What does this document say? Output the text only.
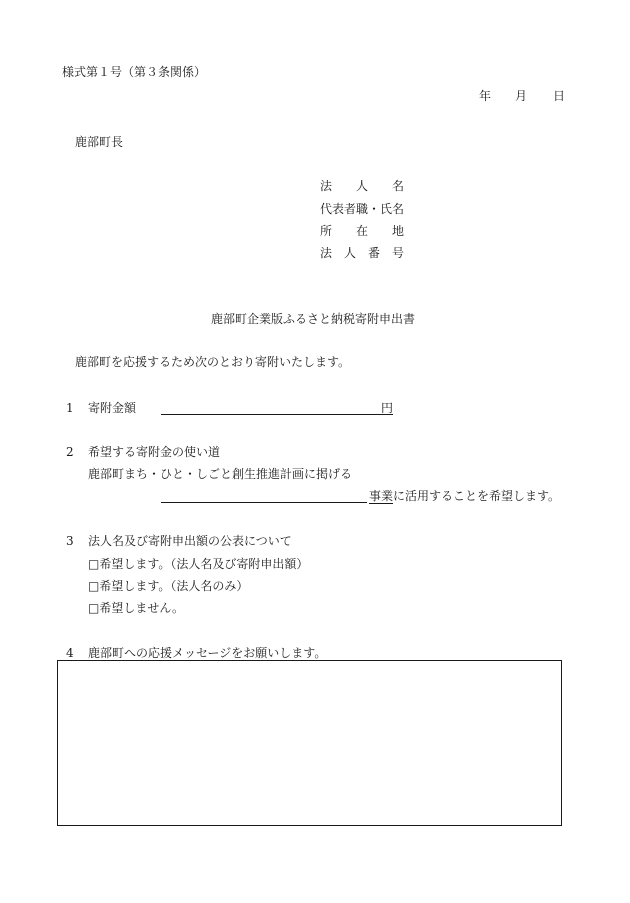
様式第１号（第３条関係）
年 月 日
鹿部町長
法 人 名
代表者職・氏名
所 在 地
法 人 番 号
鹿部町企業版ふるさと納税寄附申出書
鹿部町を応援するため次のとおり寄附いたします。
1 寄附金額	円
2 希望する寄附金の使い道
鹿部町まち・ひと・しごと創生推進計画に掲げる
事業に活用することを希望します。
3 法人名及び寄附申出額の公表について
□希望します。（法人名及び寄附申出額）
□希望します。（法人名のみ）
□希望しません。
4 鹿部町への応援メッセージをお願いします。
